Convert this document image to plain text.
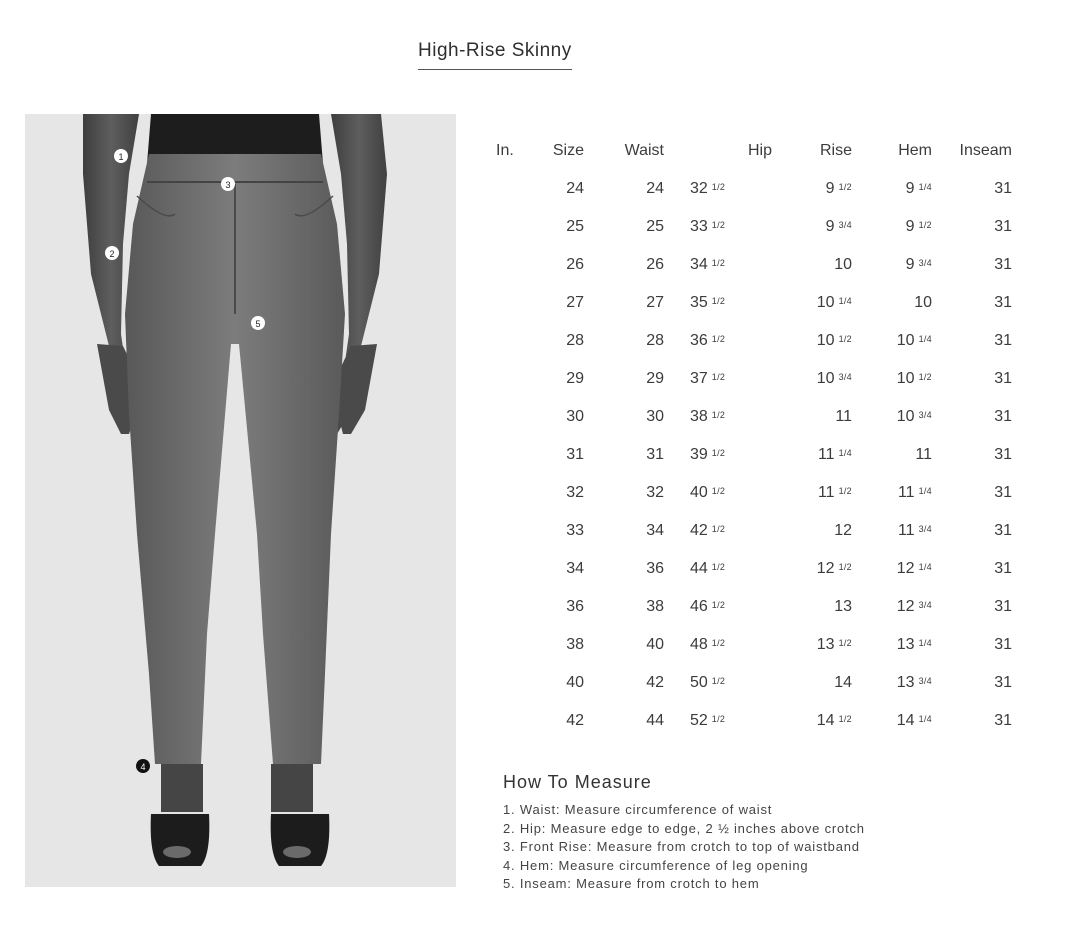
High-Rise Skinny
1
2
3
4
5
In.	Size	Waist	Hip	Rise	Hem	Inseam
	24	24	32 $^{1/2}$	9 $^{1/2}$	9 $^{1/4}$	31
	25	25	33 $^{1/2}$	9 $^{3/4}$	9 $^{1/2}$	31
	26	26	34 $^{1/2}$	10	9 $^{3/4}$	31
	27	27	35 $^{1/2}$	10 $^{1/4}$	10	31
	28	28	36 $^{1/2}$	10 $^{1/2}$	10 $^{1/4}$	31
	29	29	37 $^{1/2}$	10 $^{3/4}$	10 $^{1/2}$	31
	30	30	38 $^{1/2}$	11	10 $^{3/4}$	31
	31	31	39 $^{1/2}$	11 $^{1/4}$	11	31
	32	32	40 $^{1/2}$	11 $^{1/2}$	11 $^{1/4}$	31
	33	34	42 $^{1/2}$	12	11 $^{3/4}$	31
	34	36	44 $^{1/2}$	12 $^{1/2}$	12 $^{1/4}$	31
	36	38	46 $^{1/2}$	13	12 $^{3/4}$	31
	38	40	48 $^{1/2}$	13 $^{1/2}$	13 $^{1/4}$	31
	40	42	50 $^{1/2}$	14	13 $^{3/4}$	31
	42	44	52 $^{1/2}$	14 $^{1/2}$	14 $^{1/4}$	31
How To Measure
1. Waist: Measure circumference of waist
2. Hip: Measure edge to edge, 2 ½ inches above crotch
3. Front Rise: Measure from crotch to top of waistband
4. Hem: Measure circumference of leg opening
5. Inseam: Measure from crotch to hem
